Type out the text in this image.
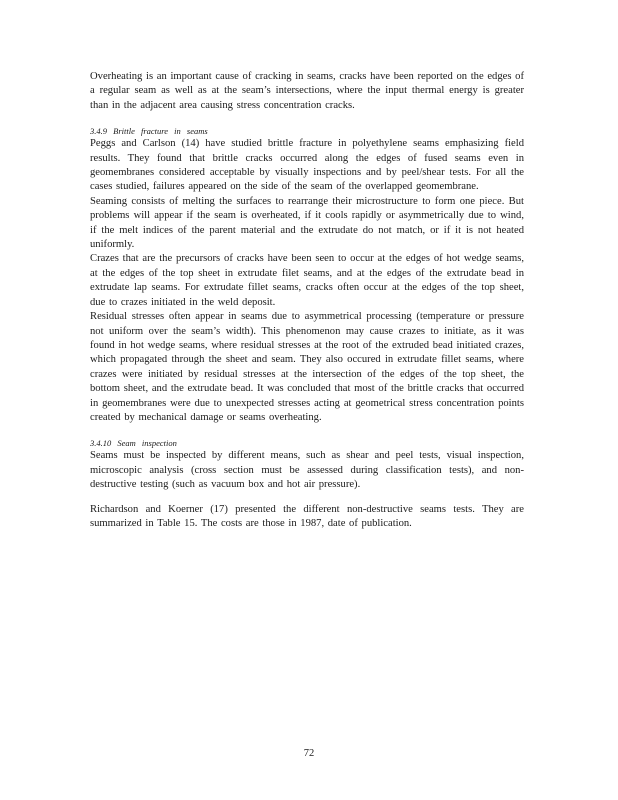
Overheating is an important cause of cracking in seams, cracks have been reported on the edges of a regular seam as well as at the seam’s intersections, where the input thermal energy is greater than in the adjacent area causing stress concentration cracks.

3.4.9 Brittle fracture in seams

Peggs and Carlson (14) have studied brittle fracture in polyethylene seams emphasizing field results. They found that brittle cracks occurred along the edges of fused seams even in geomembranes considered acceptable by visually inspections and by peel/shear tests. For all the cases studied, failures appeared on the side of the seam of the overlapped geomembrane.

Seaming consists of melting the surfaces to rearrange their microstructure to form one piece. But problems will appear if the seam is overheated, if it cools rapidly or asymmetrically due to wind, if the melt indices of the parent material and the extrudate do not match, or if it is not heated uniformly.

Crazes that are the precursors of cracks have been seen to occur at the edges of hot wedge seams, at the edges of the top sheet in extrudate filet seams, and at the edges of the extrudate bead in extrudate lap seams. For extrudate fillet seams, cracks often occur at the edges of the top sheet, due to crazes initiated in the weld deposit.

Residual stresses often appear in seams due to asymmetrical processing (temperature or pressure not uniform over the seam’s width). This phenomenon may cause crazes to initiate, as it was found in hot wedge seams, where residual stresses at the root of the extruded bead initiated crazes, which propagated through the sheet and seam. They also occured in extrudate fillet seams, where crazes were initiated by residual stresses at the intersection of the edges of the top sheet, the bottom sheet, and the extrudate bead. It was concluded that most of the brittle cracks that occurred in geomembranes were due to unexpected stresses acting at geometrical stress concentration points created by mechanical damage or seams overheating.

3.4.10 Seam inspection

Seams must be inspected by different means, such as shear and peel tests, visual inspection, microscopic analysis (cross section must be assessed during classification tests), and non-destructive testing (such as vacuum box and hot air pressure).

Richardson and Koerner (17) presented the different non-destructive seams tests. They are summarized in Table 15. The costs are those in 1987, date of publication.

72
